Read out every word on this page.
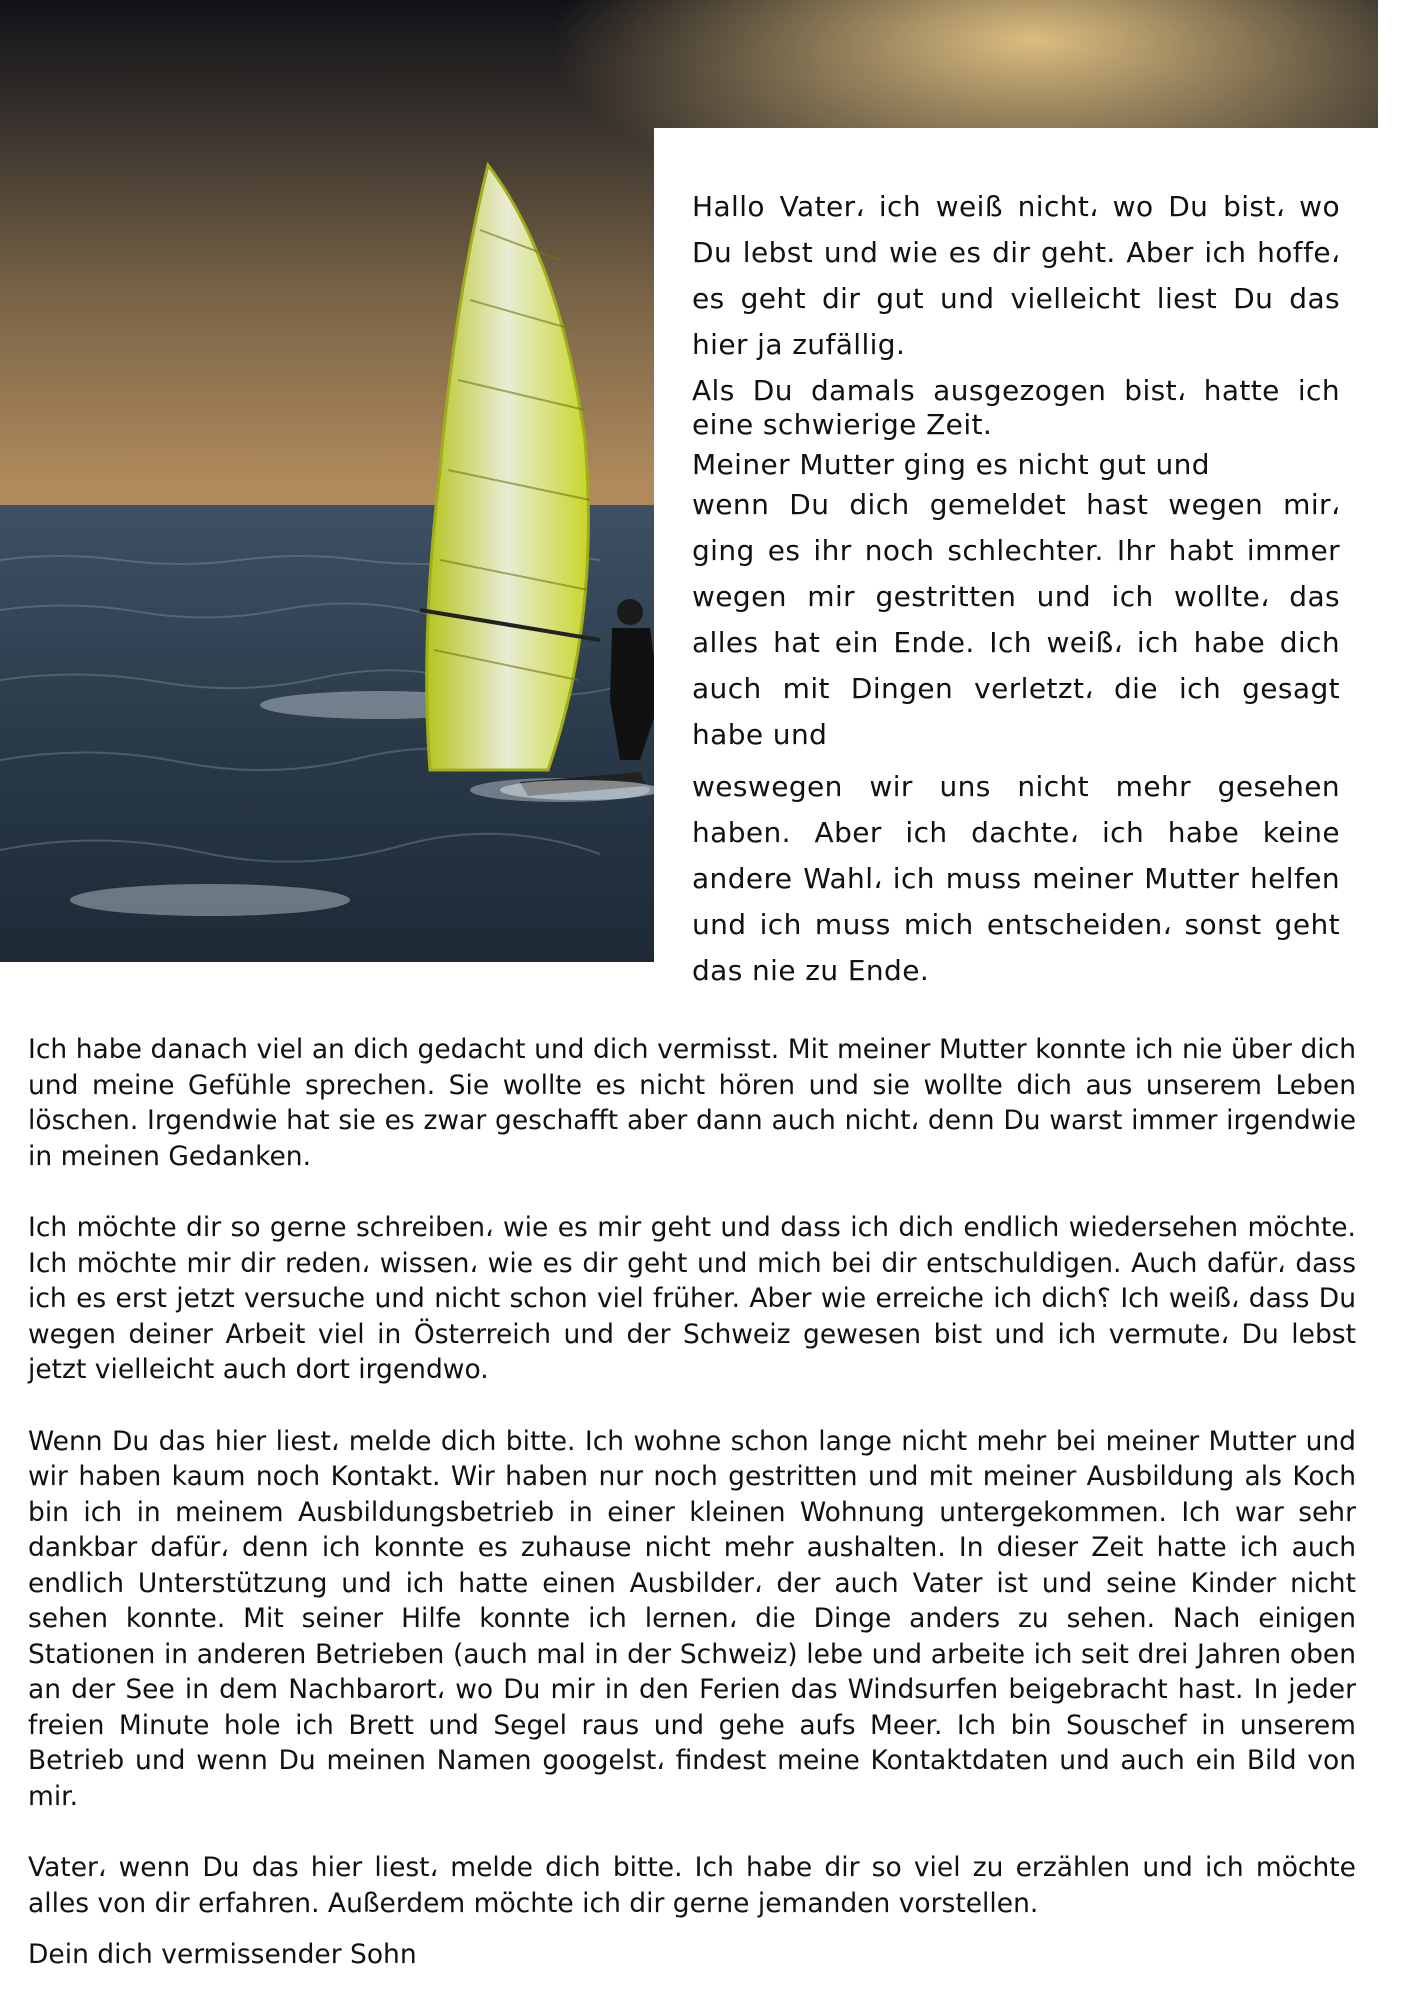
Hallo Vater، ich weiß nicht، wo Du bist، wo Du lebst und wie es dir geht. Aber ich hoffe، es geht dir gut und vielleicht liest Du das hier ja zufällig.

Als Du damals ausgezogen bist، hatte ich eine schwierige Zeit.

Meiner Mutter ging es nicht gut und

wenn Du dich gemeldet hast wegen mir، ging es ihr noch schlechter. Ihr habt immer wegen mir gestritten und ich wollte، das alles hat ein Ende. Ich weiß، ich habe dich auch mit Dingen verletzt، die ich gesagt habe und

weswegen wir uns nicht mehr gesehen haben. Aber ich dachte، ich habe keine andere Wahl، ich muss meiner Mutter helfen und ich muss mich entscheiden، sonst geht das nie zu Ende.

Ich habe danach viel an dich gedacht und dich vermisst. Mit meiner Mutter konnte ich nie über dich und meine Gefühle sprechen. Sie wollte es nicht hören und sie wollte dich aus unserem Leben löschen. Irgendwie hat sie es zwar geschafft aber dann auch nicht، denn Du warst immer irgendwie in meinen Gedanken.

Ich möchte dir so gerne schreiben، wie es mir geht und dass ich dich endlich wiedersehen möchte. Ich möchte mir dir reden، wissen، wie es dir geht und mich bei dir entschuldigen. Auch dafür، dass ich es erst jetzt versuche und nicht schon viel früher. Aber wie erreiche ich dich؟ Ich weiß، dass Du wegen deiner Arbeit viel in Österreich und der Schweiz gewesen bist und ich vermute، Du lebst jetzt vielleicht auch dort irgendwo.

Wenn Du das hier liest، melde dich bitte. Ich wohne schon lange nicht mehr bei meiner Mutter und wir haben kaum noch Kontakt. Wir haben nur noch gestritten und mit meiner Ausbildung als Koch bin ich in meinem Ausbildungsbetrieb in einer kleinen Wohnung untergekommen. Ich war sehr dankbar dafür، denn ich konnte es zuhause nicht mehr aushalten. In dieser Zeit hatte ich auch endlich Unterstützung und ich hatte einen Ausbilder، der auch Vater ist und seine Kinder nicht sehen konnte. Mit seiner Hilfe konnte ich lernen، die Dinge anders zu sehen. Nach einigen Stationen in anderen Betrieben (auch mal in der Schweiz) lebe und arbeite ich seit drei Jahren oben an der See in dem Nachbarort، wo Du mir in den Ferien das Windsurfen beigebracht hast. In jeder freien Minute hole ich Brett und Segel raus und gehe aufs Meer. Ich bin Souschef in unserem Betrieb und wenn Du meinen Namen googelst، findest meine Kontaktdaten und auch ein Bild von mir.

Vater، wenn Du das hier liest، melde dich bitte. Ich habe dir so viel zu erzählen und ich möchte alles von dir erfahren. Außerdem möchte ich dir gerne jemanden vorstellen.

Dein dich vermissender Sohn
